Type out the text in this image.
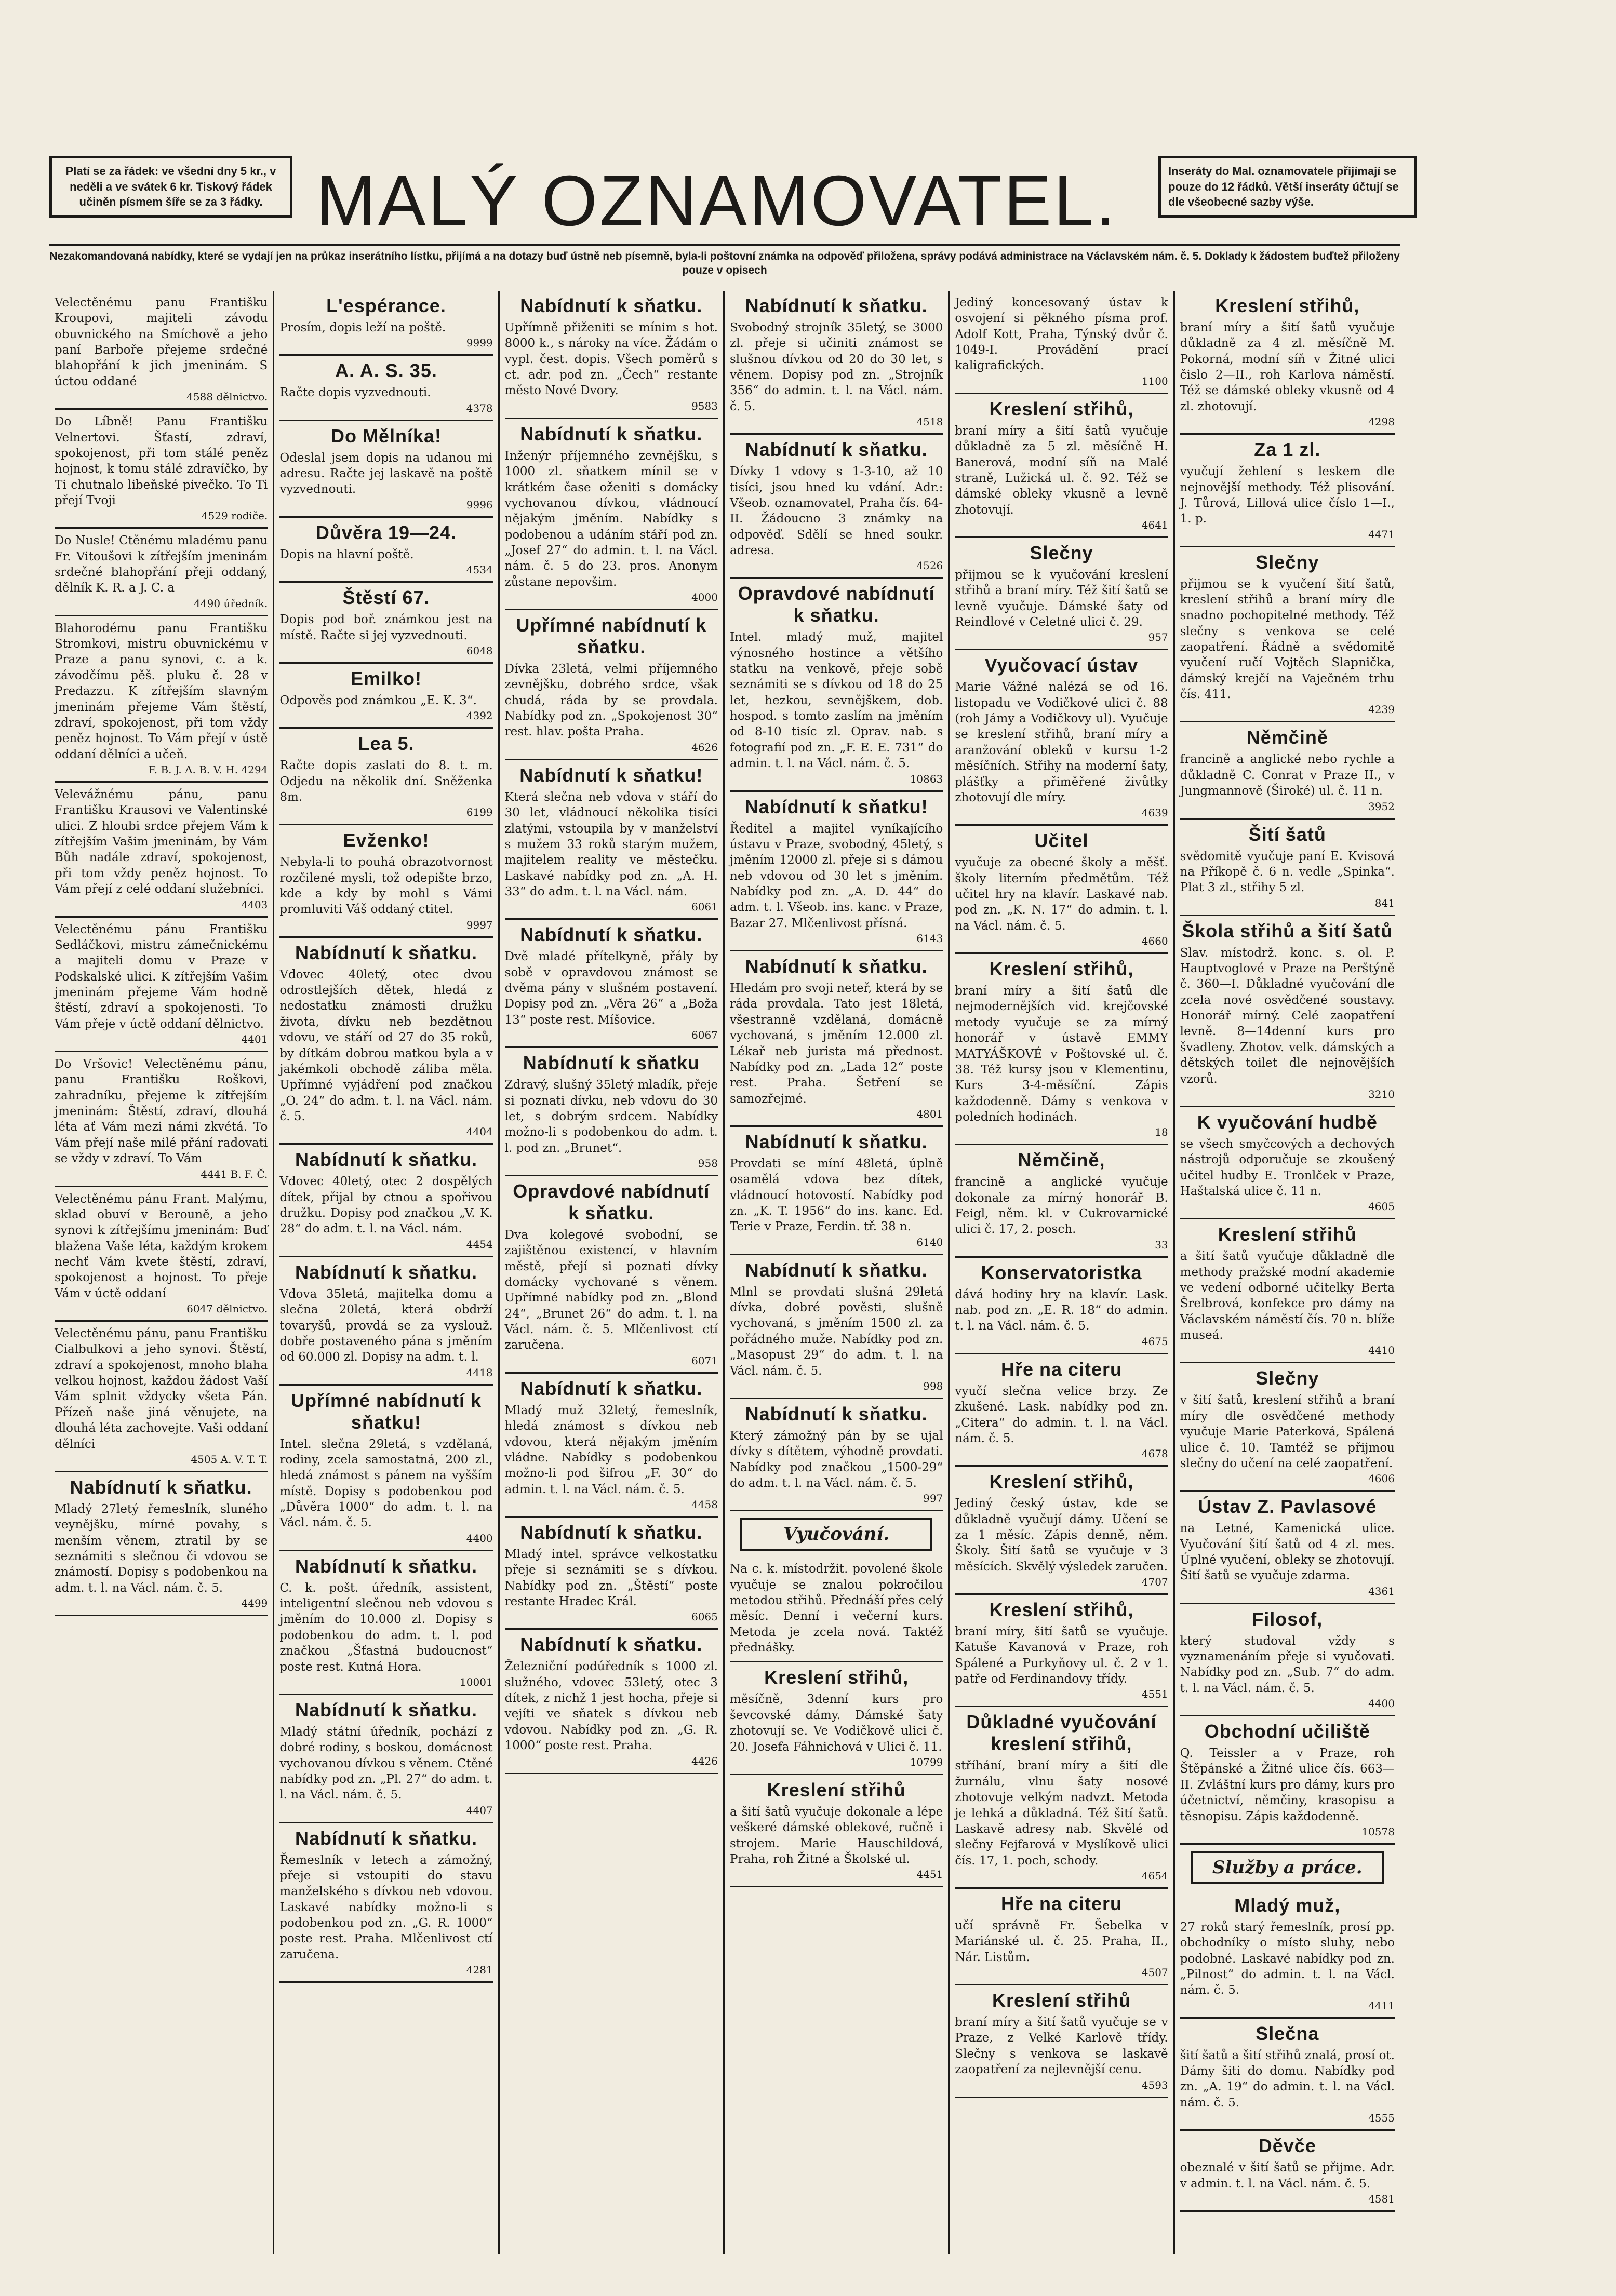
Platí se za řádek: ve všední dny 5 kr., v neděli a ve svátek 6 kr. Tiskový řádek učiněn písmem šíře se za 3 řádky. MALÝ OZNAMOVATEL.	Inseráty do Mal. oznamovatele přijímají se pouze do 12 řádků. Větší inseráty účtují se dle všeobecné sazby výše.
Nezakomandovaná nabídky, které se vydají jen na průkaz inserátního lístku, přijímá a na dotazy buď ústně neb písemně, byla-li poštovní známka na odpověď přiložena, správy podává administrace na Václavském nám. č. 5. Doklady k žádostem buďtež přiloženy pouze v opisech

Velectěnému panu Františku Kroupovi, majiteli závodu obuvnického na Smíchově a jeho paní Barboře přejeme srdečné blahopřání k jich jmeninám. S úctou oddané

4588 dělnictvo.

Do Líbně! Panu Františku Velnertovi. Šťastí, zdraví, spokojenost, při tom stálé peněz hojnost, k tomu stálé zdravíčko, by Ti chutnalo libeňské pivečko. To Ti přejí Tvoji

4529 rodiče.

Do Nusle! Ctěnému mladému panu Fr. Vitoušovi k zítřejším jmeninám srdečné blahopřání přeji oddaný, dělník K. R. a J. C. a

4490 úředník.

Blahorodému panu Františku Stromkovi, mistru obuvnickému v Praze a panu synovi, c. a k. závodčímu pěš. pluku č. 28 v Predazzu. K zítřejším slavným jmeninám přejeme Vám štěstí, zdraví, spokojenost, při tom vždy peněz hojnost. To Vám přejí v ústě oddaní dělníci a učeň.

F. B. J. A. B. V. H. 4294

Velevážnému pánu, panu Františku Krausovi ve Valentinské ulici. Z hloubi srdce přejem Vám k zítřejším Vašim jmeninám, by Vám Bůh nadále zdraví, spokojenost, při tom vždy peněz hojnost. To Vám přejí z celé oddaní služebníci.

4403

Velectěnému pánu Františku Sedláčkovi, mistru zámečnickému a majiteli domu v Praze v Podskalské ulici. K zítřejším Vašim jmeninám přejeme Vám hodně štěstí, zdraví a spokojenosti. To Vám přeje v úctě oddaní dělnictvo.

4401

Do Vršovic! Velectěnému pánu, panu Františku Roškovi, zahradníku, přejeme k zítřejším jmeninám: Štěstí, zdraví, dlouhá léta ať Vám mezi námi zkvétá. To Vám přejí naše milé přání radovati se vždy v zdraví. To Vám

4441 B. F. Č.

Velectěnému pánu Frant. Malýmu, sklad obuví v Berouně, a jeho synovi k zítřejšímu jmeninám: Buď blažena Vaše léta, každým krokem nechť Vám kvete štěstí, zdraví, spokojenost a hojnost. To přeje Vám v úctě oddaní

6047 dělnictvo.

Velectěnému pánu, panu Františku Cialbulkovi a jeho synovi. Štěstí, zdraví a spokojenost, mnoho blaha velkou hojnost, každou žádost Vaší Vám splnit vždycky všeta Pán. Přízeň naše jiná věnujete, na dlouhá léta zachovejte. Vaši oddaní dělníci

4505 A. V. T. T.
Nabídnutí k sňatku.

Mladý 27letý řemeslník, sluného veynějšku, mírné povahy, s menším věnem, ztratil by se seznámiti s slečnou či vdovou se známostí. Dopisy s podobenkou na adm. t. l. na Václ. nám. č. 5.

4499
L'espérance.

Prosím, dopis leží na poště.

9999
A. A. S. 35.

Račte dopis vyzvednouti.

4378
Do Mělníka!

Odeslal jsem dopis na udanou mi adresu. Račte jej laskavě na poště vyzvednouti.

9996
Důvěra 19—24.

Dopis na hlavní poště.

4534
Štěstí 67.

Dopis pod boř. známkou jest na místě. Račte si jej vyzvednouti.

6048
Emilko!

Odpověs pod známkou „E. K. 3“.

4392
Lea 5.

Račte dopis zaslati do 8. t. m. Odjedu na několik dní. Sněženka 8m.

6199
Evženko!

Nebyla-li to pouhá obrazotvornost rozčilené mysli, tož odepište brzo, kde a kdy by mohl s Vámi promluviti Váš oddaný ctitel.

9997
Nabídnutí k sňatku.

Vdovec 40letý, otec dvou odrostlejších dětek, hledá z nedostatku známosti družku života, dívku neb bezdětnou vdovu, ve stáří od 27 do 35 roků, by dítkám dobrou matkou byla a v jakémkoli obchodě záliba měla. Upřímné vyjádření pod značkou „O. 24“ do adm. t. l. na Václ. nám. č. 5.

4404
Nabídnutí k sňatku.

Vdovec 40letý, otec 2 dospělých dítek, přijal by ctnou a spořivou družku. Dopisy pod značkou „V. K. 28“ do adm. t. l. na Václ. nám.

4454
Nabídnutí k sňatku.

Vdova 35letá, majitelka domu a slečna 20letá, která obdrží tovaryšů, provdá se za vyslouž. dobře postaveného pána s jměním od 60.000 zl. Dopisy na adm. t. l.

4418
Upřímné nabídnutí k sňatku!

Intel. slečna 29letá, s vzdělaná, rodiny, zcela samostatná, 200 zl., hledá známost s pánem na vyšším místě. Dopisy s podobenkou pod „Důvěra 1000“ do adm. t. l. na Václ. nám. č. 5.

4400
Nabídnutí k sňatku.

C. k. pošt. úředník, assistent, inteligentní slečnou neb vdovou s jměním do 10.000 zl. Dopisy s podobenkou do adm. t. l. pod značkou „Šťastná budoucnost“ poste rest. Kutná Hora.

10001
Nabídnutí k sňatku.

Mladý státní úředník, pochází z dobré rodiny, s boskou, domácnost vychovanou dívkou s věnem. Ctěné nabídky pod zn. „Pl. 27“ do adm. t. l. na Václ. nám. č. 5.

4407
Nabídnutí k sňatku.

Řemeslník v letech a zámožný, přeje si vstoupiti do stavu manželského s dívkou neb vdovou. Laskavé nabídky možno-li s podobenkou pod zn. „G. R. 1000“ poste rest. Praha. Mlčenlivost ctí zaručena.

4281
Nabídnutí k sňatku.

Upřímně přiženiti se mínim s hot. 8000 k., s nároky na více. Žádám o vypl. čest. dopis. Všech poměrů s ct. adr. pod zn. „Čech“ restante město Nové Dvory.

9583
Nabídnutí k sňatku.

Inženýr příjemného zevnějšku, s 1000 zl. sňatkem mínil se v krátkém čase oženiti s domácky vychovanou dívkou, vládnoucí nějakým jměním. Nabídky s podobenou a udáním stáří pod zn. „Josef 27“ do admin. t. l. na Václ. nám. č. 5 do 23. pros. Anonym zůstane nepovšim.

4000
Upřímné nabídnutí k sňatku.

Dívka 23letá, velmi příjemného zevnějšku, dobrého srdce, však chudá, ráda by se provdala. Nabídky pod zn. „Spokojenost 30“ rest. hlav. pošta Praha.

4626
Nabídnutí k sňatku!

Která slečna neb vdova v stáří do 30 let, vládnoucí několika tisíci zlatými, vstoupila by v manželství s mužem 33 roků starým mužem, majitelem reality ve městečku. Laskavé nabídky pod zn. „A. H. 33“ do adm. t. l. na Václ. nám.

6061
Nabídnutí k sňatku.

Dvě mladé přítelkyně, přály by sobě v opravdovou známost se dvěma pány v slušném postavení. Dopisy pod zn. „Věra 26“ a „Boža 13“ poste rest. Míšovice.

6067
Nabídnutí k sňatku

Zdravý, slušný 35letý mladík, přeje si poznati dívku, neb vdovu do 30 let, s dobrým srdcem. Nabídky možno-li s podobenkou do adm. t. l. pod zn. „Brunet“.

958
Opravdové nabídnutí k sňatku.

Dva kolegové svobodní, se zajištěnou existencí, v hlavním městě, přejí si poznati dívky domácky vychované s věnem. Upřímné nabídky pod zn. „Blond 24“, „Brunet 26“ do adm. t. l. na Václ. nám. č. 5. Mlčenlivost ctí zaručena.

6071
Nabídnutí k sňatku.

Mladý muž 32letý, řemeslník, hledá známost s dívkou neb vdovou, která nějakým jměním vládne. Nabídky s podobenkou možno-li pod šifrou „F. 30“ do admin. t. l. na Václ. nám. č. 5.

4458
Nabídnutí k sňatku.

Mladý intel. správce velkostatku přeje si seznámiti se s dívkou. Nabídky pod zn. „Štěstí“ poste restante Hradec Král.

6065
Nabídnutí k sňatku.

Železniční podúředník s 1000 zl. služného, vdovec 53letý, otec 3 dítek, z nichž 1 jest hocha, přeje si vejíti ve sňatek s dívkou neb vdovou. Nabídky pod zn. „G. R. 1000“ poste rest. Praha.

4426
Nabídnutí k sňatku.

Svobodný strojník 35letý, se 3000 zl. přeje si učiniti známost se slušnou dívkou od 20 do 30 let, s věnem. Dopisy pod zn. „Strojník 356“ do admin. t. l. na Václ. nám. č. 5.

4518
Nabídnutí k sňatku.

Dívky 1 vdovy s 1-3-10, až 10 tisíci, jsou hned ku vdání. Adr.: Všeob. oznamovatel, Praha čís. 64-II. Žádoucno 3 známky na odpověď. Sdělí se hned soukr. adresa.

4526
Opravdové nabídnutí k sňatku.

Intel. mladý muž, majitel výnosného hostince a většího statku na venkově, přeje sobě seznámiti se s dívkou od 18 do 25 let, hezkou, sevnějškem, dob. hospod. s tomto zaslím na jměním od 8-10 tisíc zl. Oprav. nab. s fotografií pod zn. „F. E. E. 731“ do admin. t. l. na Václ. nám. č. 5.

10863
Nabídnutí k sňatku!

Ředitel a majitel vyníkajícího ústavu v Praze, svobodný, 45letý, s jměním 12000 zl. přeje si s dámou neb vdovou od 30 let s jměním. Nabídky pod zn. „A. D. 44“ do adm. t. l. Všeob. ins. kanc. v Praze, Bazar 27. Mlčenlivost přísná.

6143
Nabídnutí k sňatku.

Hledám pro svoji neteř, která by se ráda provdala. Tato jest 18letá, všestranně vzdělaná, domácně vychovaná, s jměním 12.000 zl. Lékař neb jurista má přednost. Nabídky pod zn. „Lada 12“ poste rest. Praha. Šetření se samozřejmé.

4801
Nabídnutí k sňatku.

Provdati se míní 48letá, úplně osamělá vdova bez dítek, vládnoucí hotovostí. Nabídky pod zn. „K. T. 1956“ do ins. kanc. Ed. Terie v Praze, Ferdin. tř. 38 n.

6140
Nabídnutí k sňatku.

Mlnl se provdati slušná 29letá dívka, dobré pověsti, slušně vychovaná, s jměním 1500 zl. za pořádného muže. Nabídky pod zn. „Masopust 29“ do adm. t. l. na Václ. nám. č. 5.

998
Nabídnutí k sňatku.

Který zámožný pán by se ujal dívky s dítětem, výhodně provdati. Nabídky pod značkou „1500-29“ do adm. t. l. na Václ. nám. č. 5.

997
Vyučování.

Na c. k. místodržit. povolené škole vyučuje se znalou pokročilou metodou střihů. Přednáší přes celý měsíc. Denní i večerní kurs. Metoda je zcela nová. Taktéž přednášky.

Kreslení střihů,

měsíčně, 3denní kurs pro ševcovské dámy. Dámské šaty zhotovují se. Ve Vodičkově ulici č. 20. Josefa Fáhnichová v Ulici č. 11.

10799
Kreslení střihů

a šití šatů vyučuje dokonale a lépe veškeré dámské oblekové, ručně i strojem. Marie Hauschildová, Praha, roh Žitné a Školské ul.

4451

Jediný koncesovaný ústav k osvojení si pěkného písma prof. Adolf Kott, Praha, Týnský dvůr č. 1049-I. Provádění prací kaligrafických.

1100
Kreslení střihů,

braní míry a šití šatů vyučuje důkladně za 5 zl. měsíčně H. Banerová, modní síň na Malé straně, Lužická ul. č. 92. Též se dámské obleky vkusně a levně zhotovují.

4641
Slečny

přijmou se k vyučování kreslení střihů a braní míry. Též šití šatů se levně vyučuje. Dámské šaty od Reindlové v Celetné ulici č. 29.

957
Vyučovací ústav

Marie Vážné nalézá se od 16. listopadu ve Vodičkové ulici č. 88 (roh Jámy a Vodičkovy ul). Vyučuje se kreslení střihů, braní míry a aranžování obleků v kursu 1-2 měsíčních. Střihy na moderní šaty, plášťky a přiměřené živůtky zhotovují dle míry.

4639
Učitel

vyučuje za obecné školy a měšť. školy literním předmětům. Též učitel hry na klavír. Laskavé nab. pod zn. „K. N. 17“ do admin. t. l. na Václ. nám. č. 5.

4660
Kreslení střihů,

braní míry a šití šatů dle nejmodernějších vid. krejčovské metody vyučuje se za mírný honorář v ústavě EMMY MATYÁŠKOVÉ v Poštovské ul. č. 38. Též kursy jsou v Klementinu, Kurs 3-4-měsíční. Zápis každodenně. Dámy s venkova v poledních hodinách.

18
Němčině,

francině a anglické vyučuje dokonale za mírný honorář B. Feigl, něm. kl. v Cukrovarnické ulici č. 17, 2. posch.

33
Konservatoristka

dává hodiny hry na klavír. Lask. nab. pod zn. „E. R. 18“ do admin. t. l. na Václ. nám. č. 5.

4675
Hře na citeru

vyučí slečna velice brzy. Ze zkušené. Lask. nabídky pod zn. „Citera“ do admin. t. l. na Václ. nám. č. 5.

4678
Kreslení střihů,

Jediný český ústav, kde se důkladně vyučují dámy. Učení se za 1 měsíc. Zápis denně, něm. Školy. Šití šatů se vyučuje v 3 měsících. Skvělý výsledek zaručen.

4707
Kreslení střihů,

braní míry, šití šatů se vyučuje. Katuše Kavanová v Praze, roh Spálené a Purkyňovy ul. č. 2 v 1. patře od Ferdinandovy třídy.

4551
Důkladné vyučování kreslení střihů,

stříhání, braní míry a šití dle žurnálu, vlnu šaty nosové zhotovuje velkým nadvzt. Metoda je lehká a důkladná. Též šití šatů. Laskavě adresy nab. Skvělé od slečny Fejfarová v Myslíkově ulici čís. 17, 1. poch, schody.

4654
Hře na citeru

učí správně Fr. Šebelka v Mariánské ul. č. 25. Praha, II., Nár. Listům.

4507
Kreslení střihů

braní míry a šití šatů vyučuje se v Praze, z Velké Karlově třídy. Slečny s venkova se laskavě zaopatření za nejlevnější cenu.

4593
Kreslení střihů,

braní míry a šití šatů vyučuje důkladně za 4 zl. měsíčně M. Pokorná, modní síň v Žitné ulici čislo 2—II., roh Karlova náměstí. Též se dámské obleky vkusně od 4 zl. zhotovují.

4298
Za 1 zl.

vyučují žehlení s leskem dle nejnovější methody. Též plisování. J. Tůrová, Lillová ulice číslo 1—I., 1. p.

4471
Slečny

přijmou se k vyučení šití šatů, kreslení střihů a braní míry dle snadno pochopitelné methody. Též slečny s venkova se celé zaopatření. Řádně a svědomitě vyučení ručí Vojtěch Slapnička, dámský krejčí na Vaječném trhu čís. 411.

4239
Němčině

francině a anglické nebo rychle a důkladně C. Conrat v Praze II., v Jungmannově (Široké) ul. č. 11 n.

3952
Šití šatů

svědomitě vyučuje paní E. Kvisová na Příkopě č. 6 n. vedle „Spinka“. Plat 3 zl., střihy 5 zl.

841
Škola střihů a šití šatů

Slav. místodrž. konc. s. ol. P. Hauptvoglové v Praze na Perštýně č. 360—I. Důkladné vyučování dle zcela nové osvědčené soustavy. Honorář mírný. Celé zaopatření levně. 8—14denní kurs pro švadleny. Zhotov. velk. dámských a dětských toilet dle nejnovějších vzorů.

3210
K vyučování hudbě

se všech smyčcových a dechových nástrojů odporučuje se zkoušený učitel hudby E. Tronlček v Praze, Haštalská ulice č. 11 n.

4605
Kreslení střihů

a šití šatů vyučuje důkladně dle methody pražské modní akademie ve vedení odborné učitelky Berta Šrelbrová, konfekce pro dámy na Václavském náměstí čís. 70 n. blíže museá.

4410
Slečny

v šití šatů, kreslení střihů a braní míry dle osvědčené methody vyučuje Marie Paterková, Spálená ulice č. 10. Tamtéž se přijmou slečny do učení na celé zaopatření.

4606
Ústav Z. Pavlasové

na Letné, Kamenická ulice. Vyučování šití šatů od 4 zl. mes. Úplné vyučení, obleky se zhotovují. Šití šatů se vyučuje zdarma.

4361
Filosof,

který studoval vždy s vyznamenáním přeje si vyučovati. Nabídky pod zn. „Sub. 7“ do adm. t. l. na Václ. nám. č. 5.

4400
Obchodní učiliště

Q. Teissler a v Praze, roh Štěpánské a Žitné ulice čís. 663—II. Zvláštní kurs pro dámy, kurs pro účetnictví, němčiny, krasopisu a těsnopisu. Zápis každodenně.

10578
Služby a práce.
Mladý muž,

27 roků starý řemeslník, prosí pp. obchodníky o místo sluhy, nebo podobné. Laskavé nabídky pod zn. „Pilnost“ do admin. t. l. na Václ. nám. č. 5.

4411
Slečna

šití šatů a šití střihů znalá, prosí ot. Dámy šiti do domu. Nabídky pod zn. „A. 19“ do admin. t. l. na Václ. nám. č. 5.

4555
Děvče

obeznalé v šití šatů se přijme. Adr. v admin. t. l. na Václ. nám. č. 5.

4581
